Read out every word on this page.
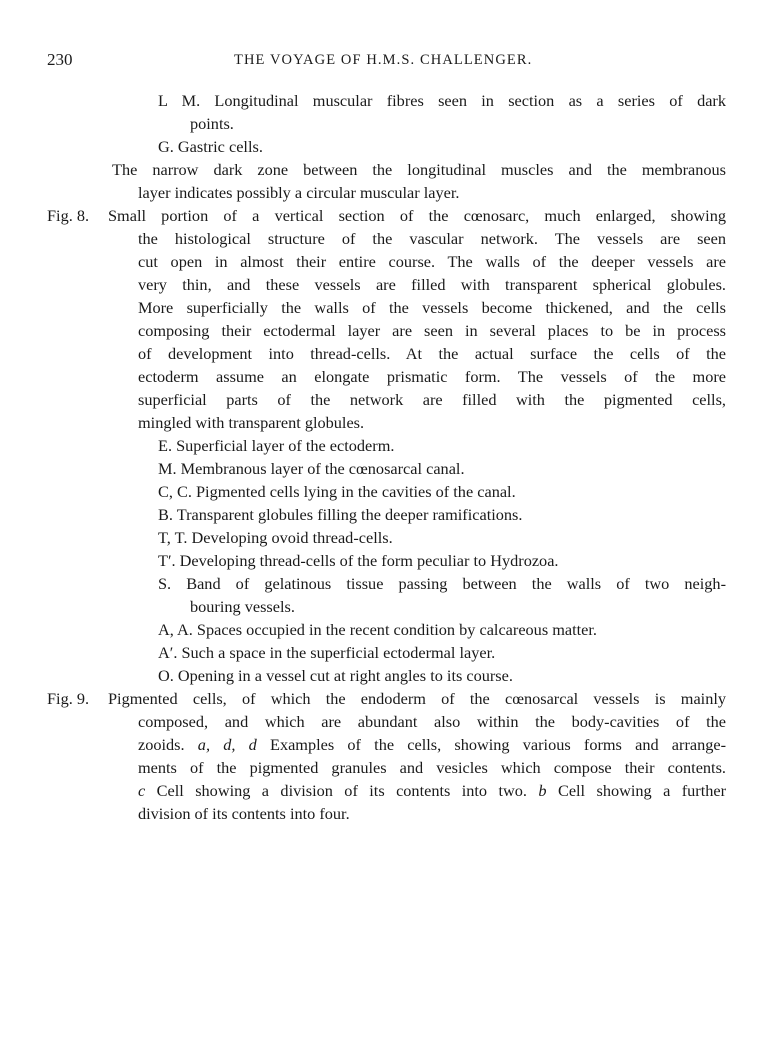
230	THE VOYAGE OF H.M.S. CHALLENGER.
L M. Longitudinal muscular fibres seen in section as a series of dark
points.
G. Gastric cells.
The narrow dark zone between the longitudinal muscles and the membranous
layer indicates possibly a circular muscular layer.
Fig. 8. Small portion of a vertical section of the cœnosarc, much enlarged, showing
the histological structure of the vascular network. The vessels are seen
cut open in almost their entire course. The walls of the deeper vessels are
very thin, and these vessels are filled with transparent spherical globules.
More superficially the walls of the vessels become thickened, and the cells
composing their ectodermal layer are seen in several places to be in process
of development into thread-cells. At the actual surface the cells of the
ectoderm assume an elongate prismatic form. The vessels of the more
superficial parts of the network are filled with the pigmented cells,
mingled with transparent globules.
E. Superficial layer of the ectoderm.
M. Membranous layer of the cœnosarcal canal.
C, C. Pigmented cells lying in the cavities of the canal.
B. Transparent globules filling the deeper ramifications.
T, T. Developing ovoid thread-cells.
T′. Developing thread-cells of the form peculiar to Hydrozoa.
S. Band of gelatinous tissue passing between the walls of two neigh-
bouring vessels.
A, A. Spaces occupied in the recent condition by calcareous matter.
A′. Such a space in the superficial ectodermal layer.
O. Opening in a vessel cut at right angles to its course.
Fig. 9. Pigmented cells, of which the endoderm of the cœnosarcal vessels is mainly
composed, and which are abundant also within the body-cavities of the
zooids. a, d, d Examples of the cells, showing various forms and arrange-
ments of the pigmented granules and vesicles which compose their contents.
c Cell showing a division of its contents into two. b Cell showing a further
division of its contents into four.
